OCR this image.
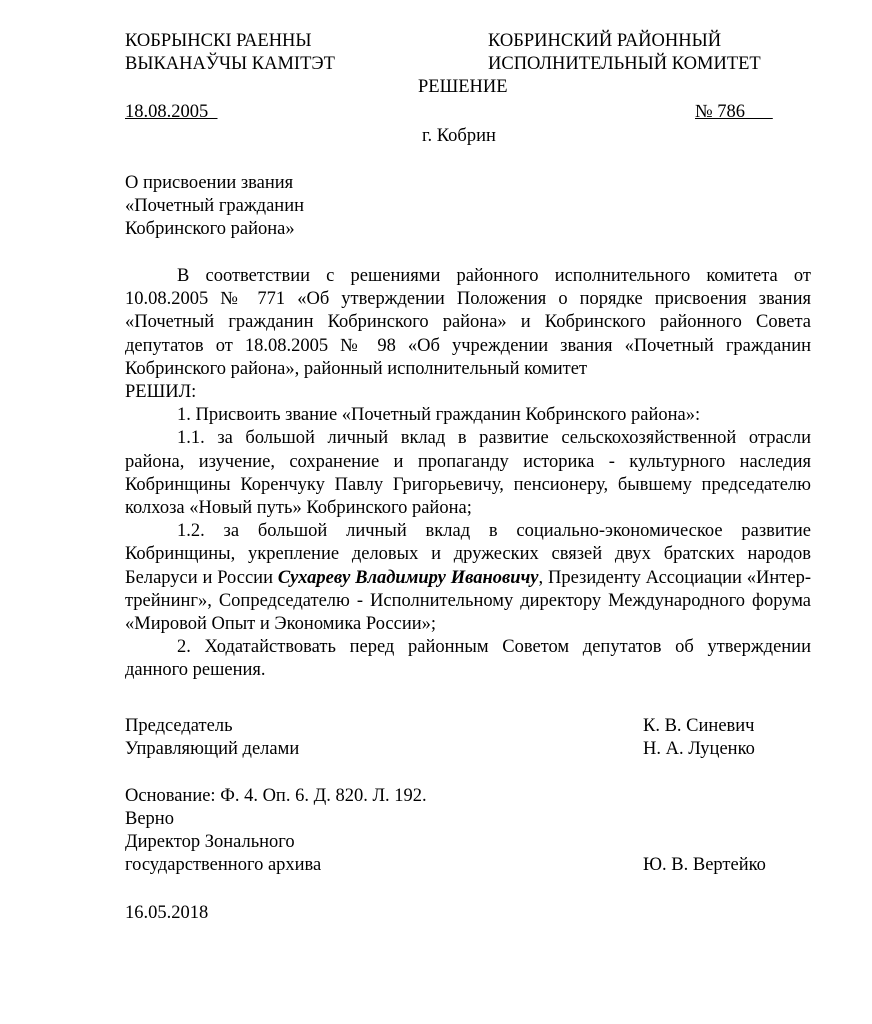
КОБРЫНСКI РАЕННЫ
ВЫКАНАЎЧЫ КАМIТЭТ
КОБРИНСКИЙ РАЙОННЫЙ
ИСПОЛНИТЕЛЬНЫЙ КОМИТЕТ
РЕШЕНИЕ
18.08.2005	№ 786
г. Кобрин
О присвоении звания
«Почетный гражданин
Кобринского района»

В соответствии с решениями районного исполнительного комитета от 10.08.2005 № 771 «Об утверждении Положения о порядке присвоения звания «Почетный гражданин Кобринского района» и Кобринского районного Совета депутатов от 18.08.2005 № 98 «Об учреждении звания «Почетный гражданин Кобринского района», районный исполнительный комитет

РЕШИЛ:

1. Присвоить звание «Почетный гражданин Кобринского района»:

1.1. за большой личный вклад в развитие сельскохозяйственной отрасли района, изучение, сохранение и пропаганду историка - культурного наследия Кобринщины Коренчуку Павлу Григорьевичу, пенсионеру, бывшему председателю колхоза «Новый путь» Кобринского района;

1.2. за большой личный вклад в социально-экономическое развитие Кобринщины, укрепление деловых и дружеских связей двух братских народов Беларуси и России Сухареву Владимиру Ивановичу, Президенту Ассоциации «Интер-трейнинг», Сопредседателю - Исполнительному директору Международного форума «Мировой Опыт и Экономика России»;

2. Ходатайствовать перед районным Советом депутатов об утверждении данного решения.

Председатель	К. В. Синевич
Управляющий делами	Н. А. Луценко
Основание: Ф. 4. Оп. 6. Д. 820. Л. 192.
Верно
Директор Зонального
государственного архива	Ю. В. Вертейко
16.05.2018
